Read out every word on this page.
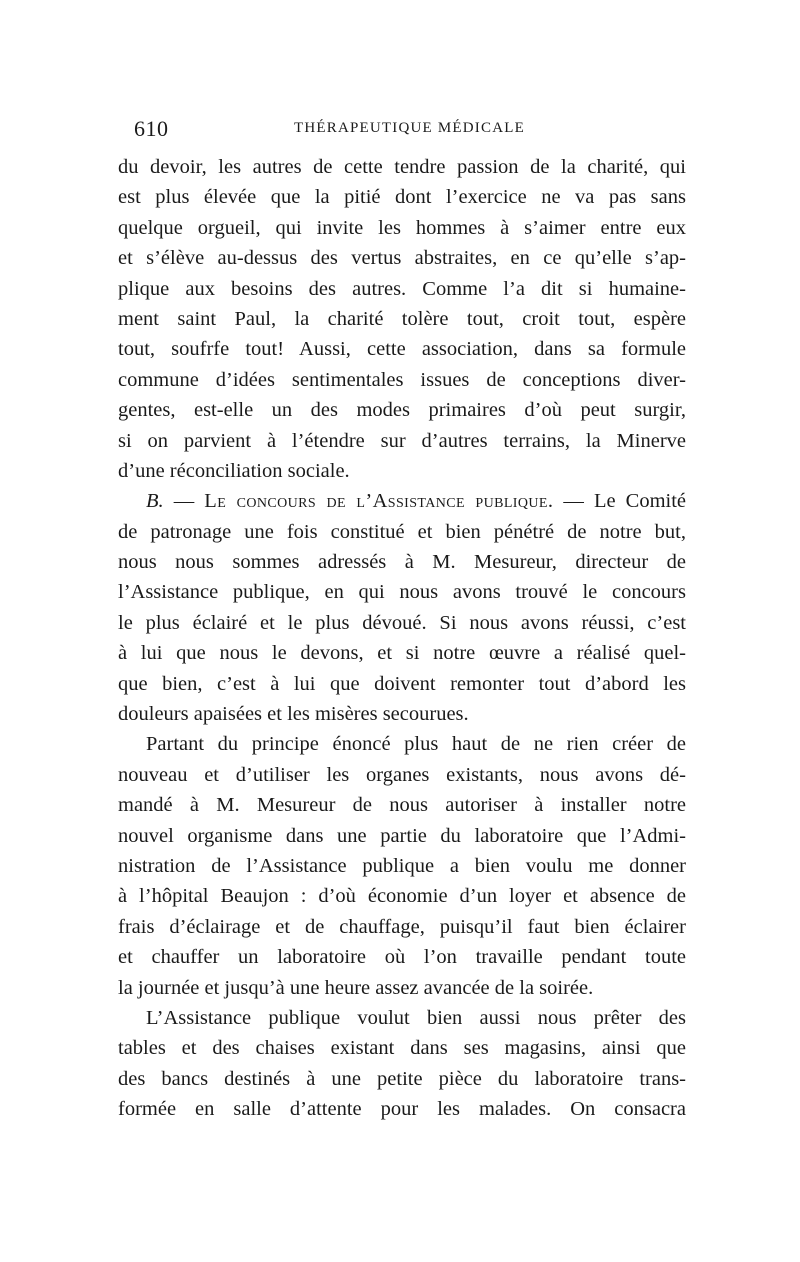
610	THÉRAPEUTIQUE MÉDICALE
du devoir, les autres de cette tendre passion de la charité, qui
est plus élevée que la pitié dont l’exercice ne va pas sans
quelque orgueil, qui invite les hommes à s’aimer entre eux
et s’élève au-dessus des vertus abstraites, en ce qu’elle s’ap-
plique aux besoins des autres. Comme l’a dit si humaine-
ment saint Paul, la charité tolère tout, croit tout, espère
tout, soufrfe tout! Aussi, cette association, dans sa formule
commune d’idées sentimentales issues de conceptions diver-
gentes, est-elle un des modes primaires d’où peut surgir,
si on parvient à l’étendre sur d’autres terrains, la Minerve
d’une réconciliation sociale.
B. — Le concours de l’Assistance publique. — Le Comité
de patronage une fois constitué et bien pénétré de notre but,
nous nous sommes adressés à M. Mesureur, directeur de
l’Assistance publique, en qui nous avons trouvé le concours
le plus éclairé et le plus dévoué. Si nous avons réussi, c’est
à lui que nous le devons, et si notre œuvre a réalisé quel-
que bien, c’est à lui que doivent remonter tout d’abord les
douleurs apaisées et les misères secourues.
Partant du principe énoncé plus haut de ne rien créer de
nouveau et d’utiliser les organes existants, nous avons dé-
mandé à M. Mesureur de nous autoriser à installer notre
nouvel organisme dans une partie du laboratoire que l’Admi-
nistration de l’Assistance publique a bien voulu me donner
à l’hôpital Beaujon : d’où économie d’un loyer et absence de
frais d’éclairage et de chauffage, puisqu’il faut bien éclairer
et chauffer un laboratoire où l’on travaille pendant toute
la journée et jusqu’à une heure assez avancée de la soirée.
L’Assistance publique voulut bien aussi nous prêter des
tables et des chaises existant dans ses magasins, ainsi que
des bancs destinés à une petite pièce du laboratoire trans-
formée en salle d’attente pour les malades. On consacra
